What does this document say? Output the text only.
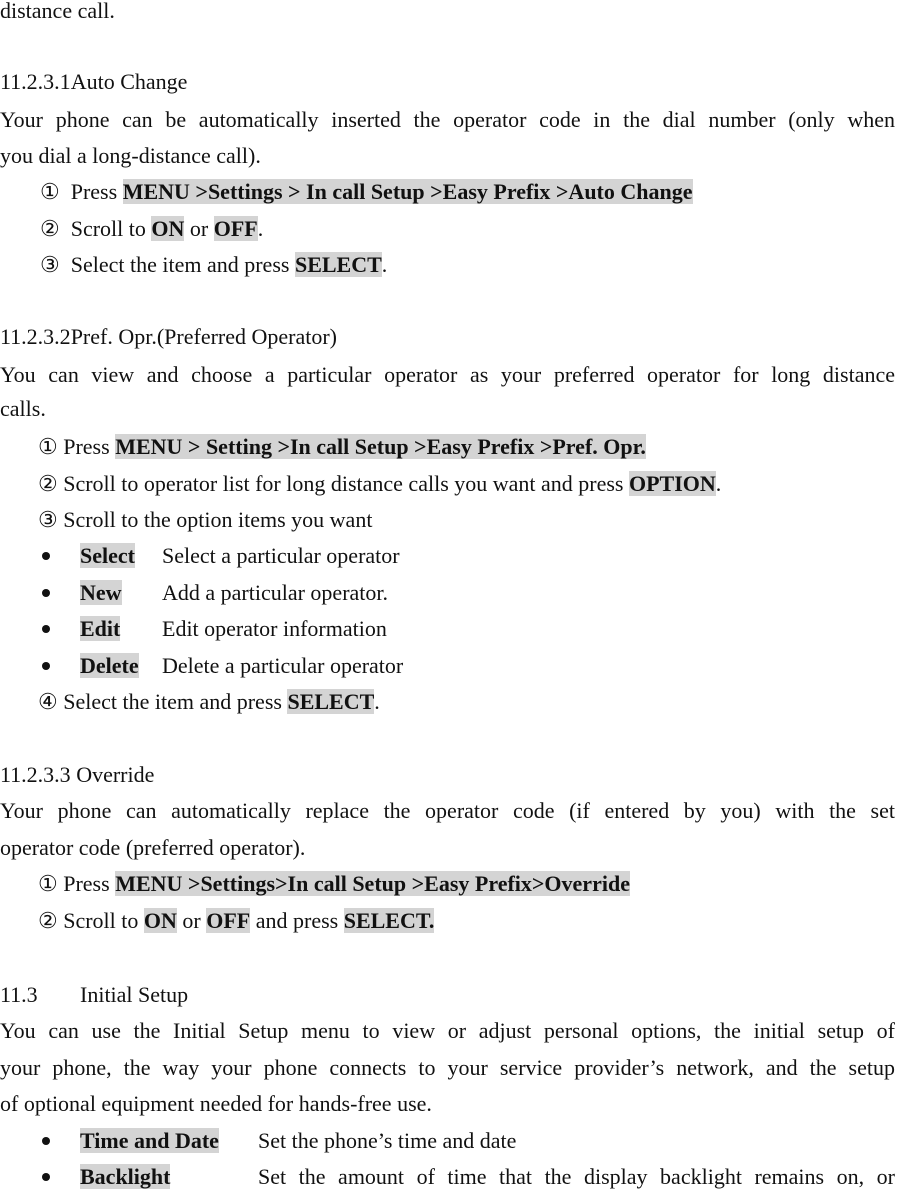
distance call.
11.2.3.1Auto Change
Your phone can be automatically inserted the operator code in the dial number (only when
you dial a long-distance call).
① Press MENU >Settings > In call Setup >Easy Prefix >Auto Change
② Scroll to ON or OFF.
③ Select the item and press SELECT.
11.2.3.2Pref. Opr.(Preferred Operator)
You can view and choose a particular operator as your preferred operator for long distance
calls.
① Press MENU > Setting >In call Setup >Easy Prefix >Pref. Opr.
② Scroll to operator list for long distance calls you want and press OPTION.
③ Scroll to the option items you want
Select Select a particular operator
New Add a particular operator.
Edit Edit operator information
Delete Delete a particular operator
④ Select the item and press SELECT.
11.2.3.3 Override
Your phone can automatically replace the operator code (if entered by you) with the set
operator code (preferred operator).
① Press MENU >Settings>In call Setup >Easy Prefix>Override
② Scroll to ON or OFF and press SELECT.
11.3 Initial Setup
You can use the Initial Setup menu to view or adjust personal options, the initial setup of
your phone, the way your phone connects to your service provider’s network, and the setup
of optional equipment needed for hands-free use.
Time and Date Set the phone’s time and date
Backlight	Set the amount of time that the display backlight remains on, or
